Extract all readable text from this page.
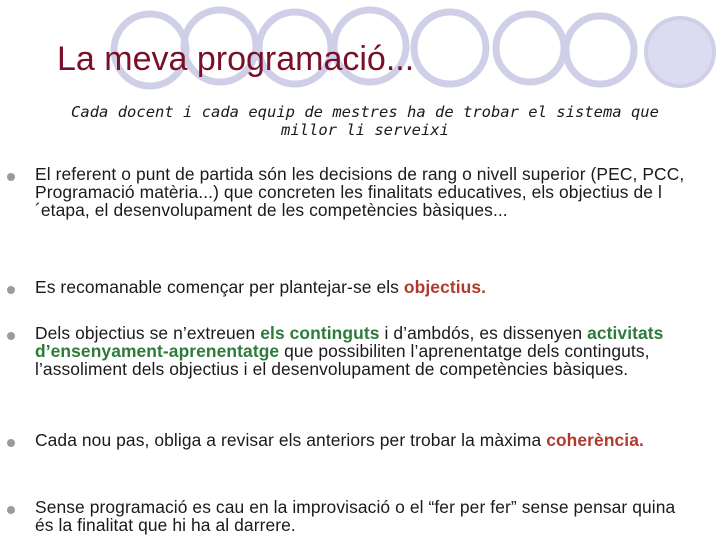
La meva programació...
Cada docent i cada equip de mestres ha de trobar el sistema que
millor li serveixi
El referent o punt de partida són les decisions de rang o nivell superior (PEC, PCC, Programació matèria...) que concreten les finalitats educatives, els objectius de l´etapa, el desenvolupament de les competències bàsiques...
Es recomanable començar per plantejar-se els objectius.
Dels objectius se n’extreuen els continguts i d’ambdós, es dissenyen activitats d’ensenyament-aprenentatge que possibiliten l’aprenentatge dels continguts, l’assoliment dels objectius i el desenvolupament de competències bàsiques.
Cada nou pas, obliga a revisar els anteriors per trobar la màxima coherència.
Sense programació es cau en la improvisació o el “fer per fer” sense pensar quina és la finalitat que hi ha al darrere.
